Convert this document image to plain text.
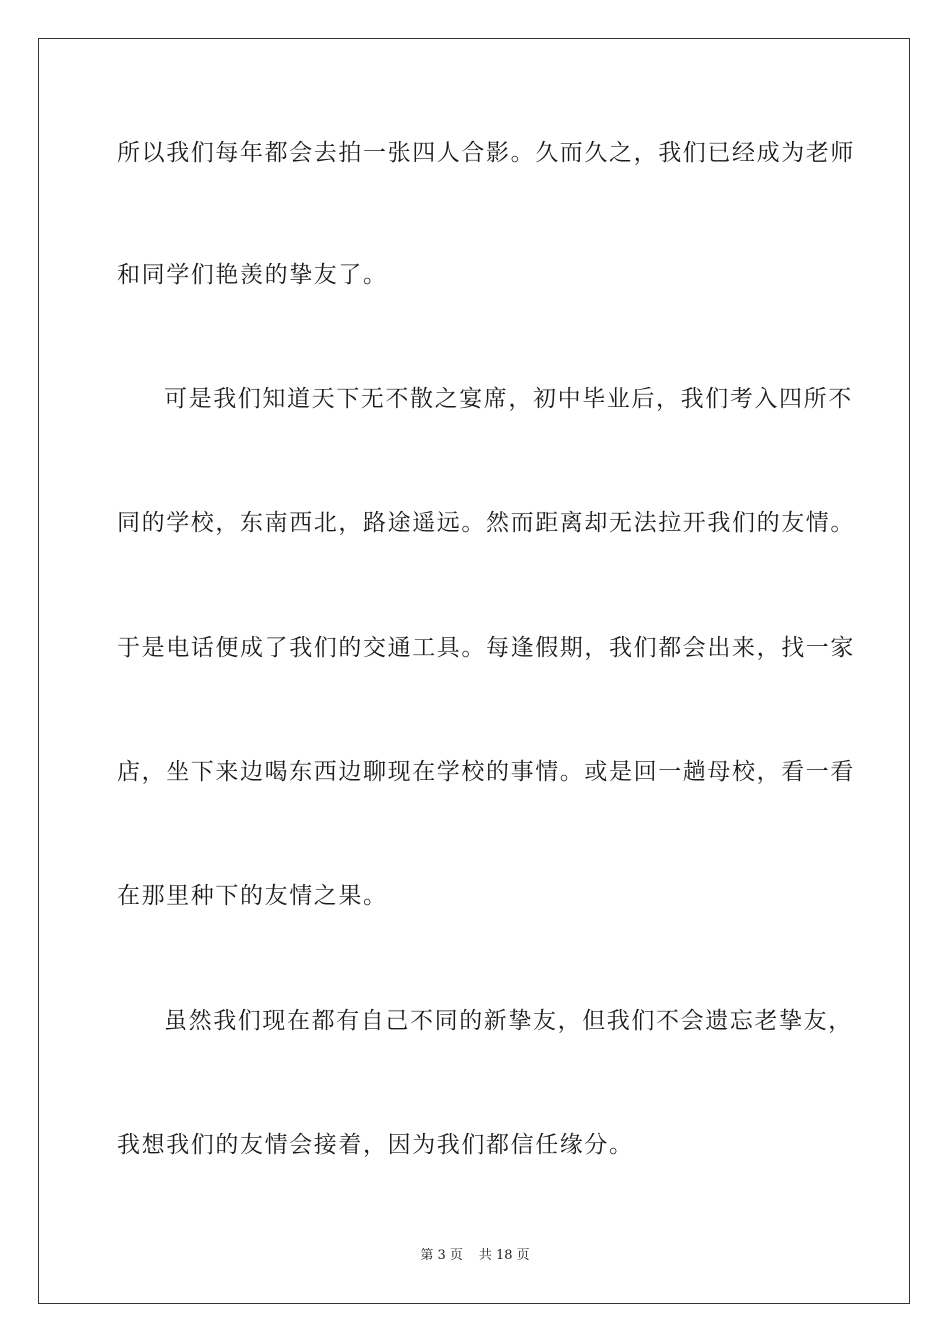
所以我们每年都会去拍一张四人合影。久而久之，我们已经成为老师
和同学们艳羡的挚友了。
可是我们知道天下无不散之宴席，初中毕业后，我们考入四所不
同的学校，东南西北，路途遥远。然而距离却无法拉开我们的友情。
于是电话便成了我们的交通工具。每逢假期，我们都会出来，找一家
店，坐下来边喝东西边聊现在学校的事情。或是回一趟母校，看一看
在那里种下的友情之果。
虽然我们现在都有自己不同的新挚友，但我们不会遗忘老挚友，
我想我们的友情会接着，因为我们都信任缘分。
第 3 页 共 18 页
